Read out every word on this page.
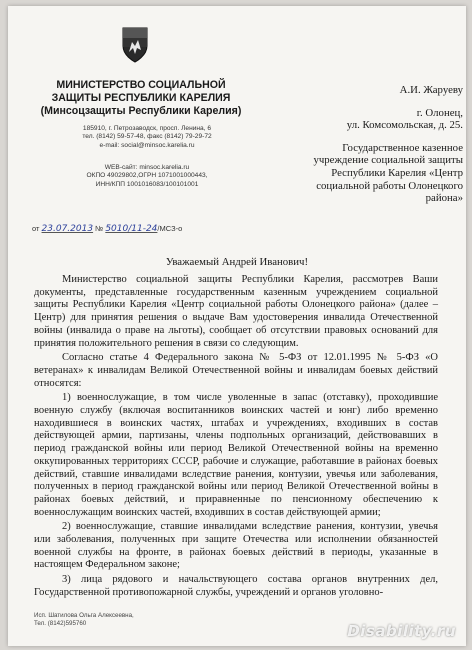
МИНИСТЕРСТВО СОЦИАЛЬНОЙ
ЗАЩИТЫ РЕСПУБЛИКИ КАРЕЛИЯ
(Минсоцзащиты Республики Карелия)
185910, г. Петрозаводск, просп. Ленина, 6
тел. (8142) 59-57-48, факс (8142) 79-29-72
e-mail: social@minsoc.karelia.ru
WEB-сайт: minsoc.karelia.ru
ОКПО 49029802,ОГРН 1071001000443,
ИНН/КПП 1001016083/100101001
А.И. Жаруеву
г. Олонец,
ул. Комсомольская, д. 25.
Государственное казенное
учреждение социальной защиты
Республики Карелия «Центр
социальной работы Олонецкого
района»
от 23.07.2013 № 5010/11-24/МСЗ-о
Уважаемый Андрей Иванович!

Министерство социальной защиты Республики Карелия, рассмотрев Ваши документы, представленные государственным казенным учреждением социальной защиты Республики Карелия «Центр социальной работы Олонецкого района» (далее – Центр) для принятия решения о выдаче Вам удостоверения инвалида Отечественной войны (инвалида о праве на льготы), сообщает об отсутствии правовых оснований для принятия положительного решения в связи со следующим.

Согласно статье 4 Федерального закона № 5-ФЗ от 12.01.1995 № 5-ФЗ «О ветеранах» к инвалидам Великой Отечественной войны и инвалидам боевых действий относятся:

1) военнослужащие, в том числе уволенные в запас (отставку), проходившие военную службу (включая воспитанников воинских частей и юнг) либо временно находившиеся в воинских частях, штабах и учреждениях, входивших в состав действующей армии, партизаны, члены подпольных организаций, действовавших в период гражданской войны или период Великой Отечественной войны на временно оккупированных территориях СССР, рабочие и служащие, работавшие в районах боевых действий, ставшие инвалидами вследствие ранения, контузии, увечья или заболевания, полученных в период гражданской войны или период Великой Отечественной войны в районах боевых действий, и приравненные по пенсионному обеспечению к военнослужащим воинских частей, входивших в состав действующей армии;

2) военнослужащие, ставшие инвалидами вследствие ранения, контузии, увечья или заболевания, полученных при защите Отечества или исполнении обязанностей военной службы на фронте, в районах боевых действий в периоды, указанные в настоящем Федеральном законе;

3) лица рядового и начальствующего состава органов внутренних дел, Государственной противопожарной службы, учреждений и органов уголовно-

Исп. Шатилова Ольга Алексеевна,
Тел. (8142)595760	Disability.ru
